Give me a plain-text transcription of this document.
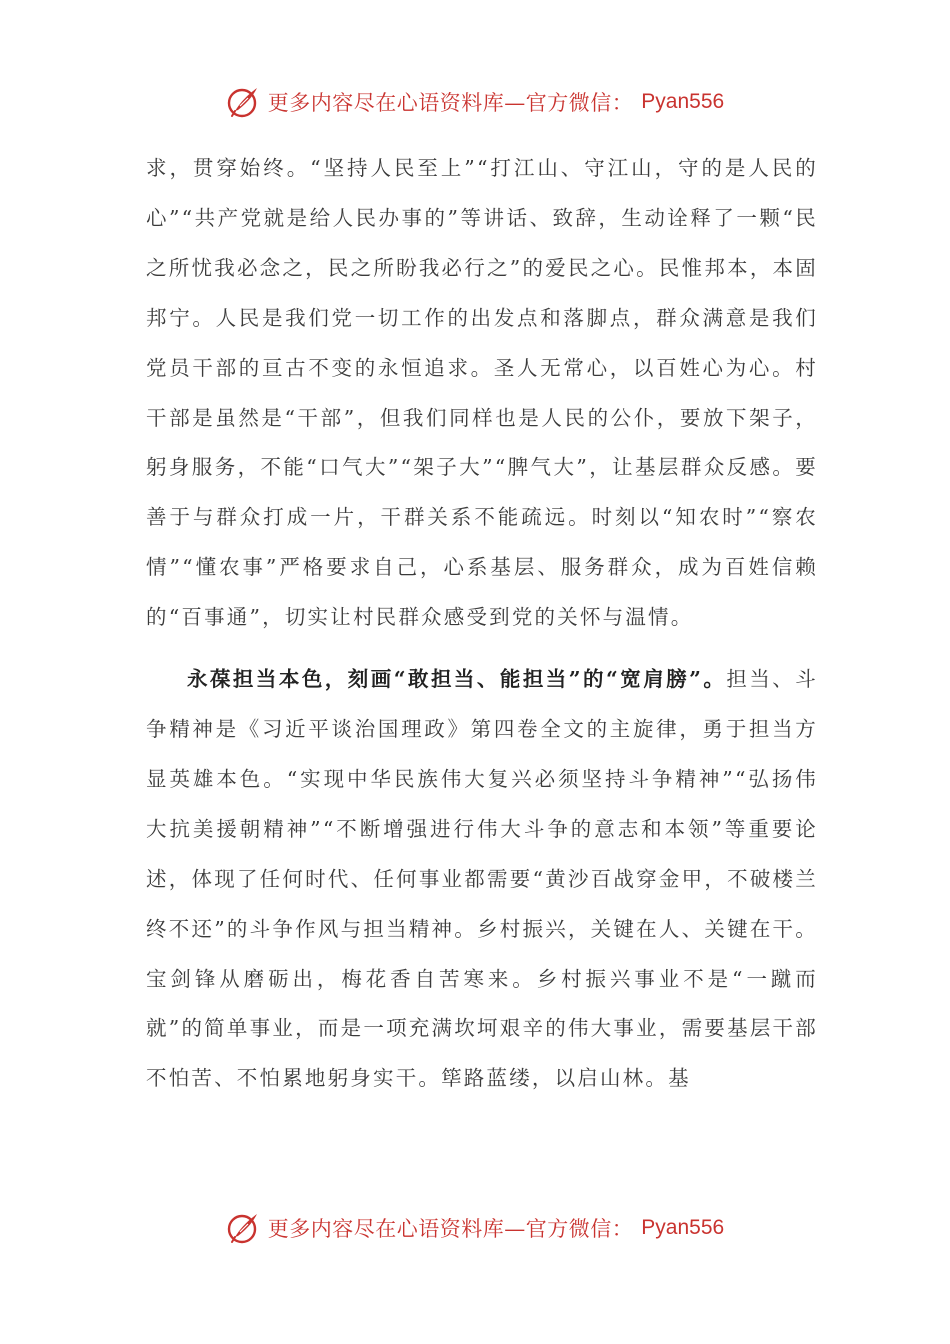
更多内容尽在心语资料库—官方微信： Pyan556

求，贯穿始终。“坚持人民至上”“打江山、守江山，守的是人民的心”“共产党就是给人民办事的”等讲话、致辞，生动诠释了一颗“民之所忧我必念之，民之所盼我必行之”的爱民之心。民惟邦本，本固邦宁。人民是我们党一切工作的出发点和落脚点，群众满意是我们党员干部的亘古不变的永恒追求。圣人无常心，以百姓心为心。村干部是虽然是“干部”，但我们同样也是人民的公仆，要放下架子，躬身服务，不能“口气大”“架子大”“脾气大”，让基层群众反感。要善于与群众打成一片，干群关系不能疏远。时刻以“知农时”“察农情”“懂农事”严格要求自己，心系基层、服务群众，成为百姓信赖的“百事通”，切实让村民群众感受到党的关怀与温情。

永葆担当本色，刻画“敢担当、能担当”的“宽肩膀”。担当、斗争精神是《习近平谈治国理政》第四卷全文的主旋律，勇于担当方显英雄本色。“实现中华民族伟大复兴必须坚持斗争精神”“弘扬伟大抗美援朝精神”“不断增强进行伟大斗争的意志和本领”等重要论述，体现了任何时代、任何事业都需要“黄沙百战穿金甲，不破楼兰终不还”的斗争作风与担当精神。乡村振兴，关键在人、关键在干。宝剑锋从磨砺出，梅花香自苦寒来。乡村振兴事业不是“一蹴而就”的简单事业，而是一项充满坎坷艰辛的伟大事业，需要基层干部不怕苦、不怕累地躬身实干。筚路蓝缕，以启山林。基

更多内容尽在心语资料库—官方微信： Pyan556
